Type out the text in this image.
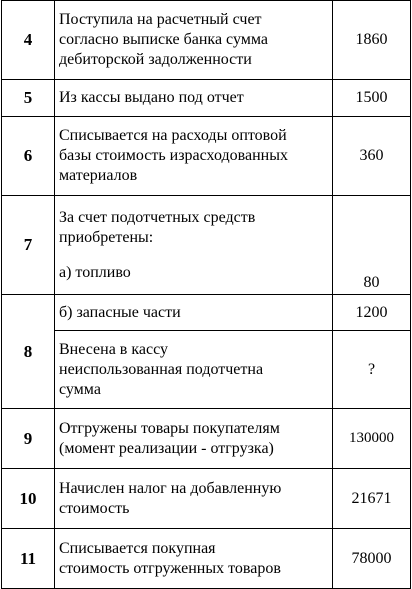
4	Поступила на расчетный счет
согласно выписке банка сумма
дебиторской задолженности	1860
5	Из кассы выдано под отчет	1500
6	Списывается на расходы оптовой
базы стоимость израсходованных
материалов	360
7	За счет подотчетных средств
приобретены:
а) топливо	80
8	б) запасные части	1200

	Внесена в кассу
неиспользованная подотчетна
сумма	?
9	Отгружены товары покупателям
(момент реализации - отгрузка)	130000
10	Начислен налог на добавленную
стоимость	21671
11	Списывается покупная
стоимость отгруженных товаров	78000
